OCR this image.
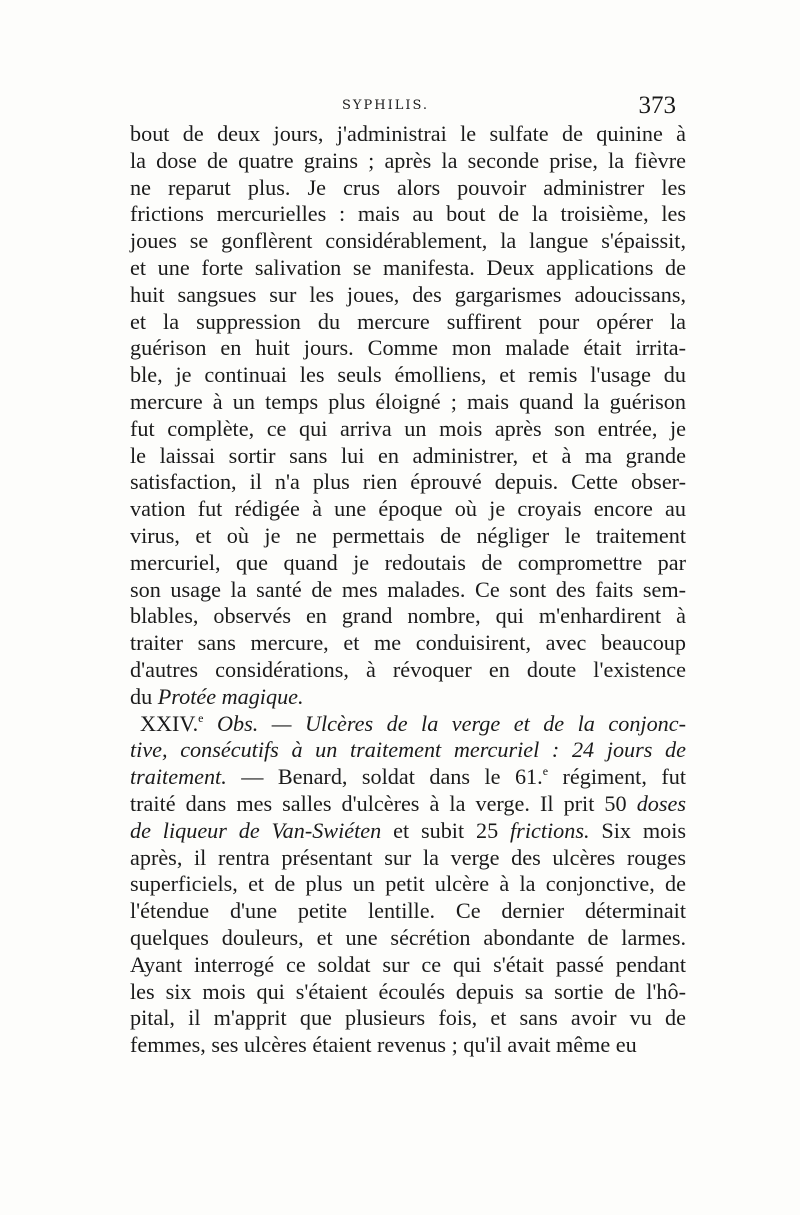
SYPHILIS.	373
bout de deux jours, j'administrai le sulfate de quinine à
la dose de quatre grains ; après la seconde prise, la fièvre
ne reparut plus. Je crus alors pouvoir administrer les
frictions mercurielles : mais au bout de la troisième, les
joues se gonflèrent considérablement, la langue s'épaissit,
et une forte salivation se manifesta. Deux applications de
huit sangsues sur les joues, des gargarismes adoucissans,
et la suppression du mercure suffirent pour opérer la
guérison en huit jours. Comme mon malade était irrita-
ble, je continuai les seuls émolliens, et remis l'usage du
mercure à un temps plus éloigné ; mais quand la guérison
fut complète, ce qui arriva un mois après son entrée, je
le laissai sortir sans lui en administrer, et à ma grande
satisfaction, il n'a plus rien éprouvé depuis. Cette obser-
vation fut rédigée à une époque où je croyais encore au
virus, et où je ne permettais de négliger le traitement
mercuriel, que quand je redoutais de compromettre par
son usage la santé de mes malades. Ce sont des faits sem-
blables, observés en grand nombre, qui m'enhardirent à
traiter sans mercure, et me conduisirent, avec beaucoup
d'autres considérations, à révoquer en doute l'existence
du Protée magique.
XXIV.$^e$ Obs. — Ulcères de la verge et de la conjonc-
tive, consécutifs à un traitement mercuriel : 24 jours de
traitement. — Benard, soldat dans le 61.$^e$ régiment, fut
traité dans mes salles d'ulcères à la verge. Il prit 50 doses
de liqueur de Van-Swiéten et subit 25 frictions. Six mois
après, il rentra présentant sur la verge des ulcères rouges
superficiels, et de plus un petit ulcère à la conjonctive, de
l'étendue d'une petite lentille. Ce dernier déterminait
quelques douleurs, et une sécrétion abondante de larmes.
Ayant interrogé ce soldat sur ce qui s'était passé pendant
les six mois qui s'étaient écoulés depuis sa sortie de l'hô-
pital, il m'apprit que plusieurs fois, et sans avoir vu de
femmes, ses ulcères étaient revenus ; qu'il avait même eu
